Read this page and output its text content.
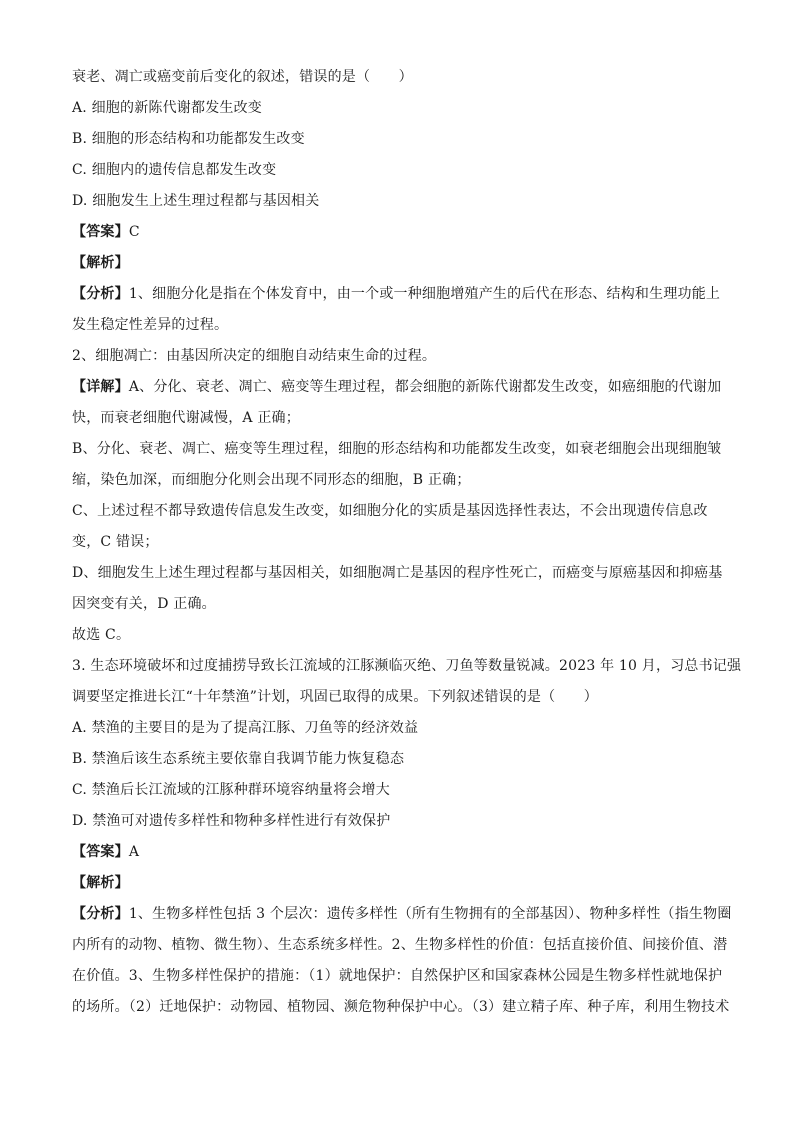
衰老、凋亡或癌变前后变化的叙述，错误的是（　　）
A. 细胞的新陈代谢都发生改变
B. 细胞的形态结构和功能都发生改变
C. 细胞内的遗传信息都发生改变
D. 细胞发生上述生理过程都与基因相关
【答案】C
【解析】
【分析】1、细胞分化是指在个体发育中，由一个或一种细胞增殖产生的后代在形态、结构和生理功能上
发生稳定性差异的过程。
2、细胞凋亡：由基因所决定的细胞自动结束生命的过程。
【详解】A、分化、衰老、凋亡、癌变等生理过程，都会细胞的新陈代谢都发生改变，如癌细胞的代谢加
快，而衰老细胞代谢减慢，A 正确；
B、分化、衰老、凋亡、癌变等生理过程，细胞的形态结构和功能都发生改变，如衰老细胞会出现细胞皱
缩，染色加深，而细胞分化则会出现不同形态的细胞，B 正确；
C、上述过程不都导致遗传信息发生改变，如细胞分化的实质是基因选择性表达，不会出现遗传信息改
变，C 错误；
D、细胞发生上述生理过程都与基因相关，如细胞凋亡是基因的程序性死亡，而癌变与原癌基因和抑癌基
因突变有关，D 正确。
故选 C。
3. 生态环境破坏和过度捕捞导致长江流域的江豚濒临灭绝、刀鱼等数量锐减。2023 年 10 月，习总书记强
调要坚定推进长江“十年禁渔”计划，巩固已取得的成果。下列叙述错误的是（　　）
A. 禁渔的主要目的是为了提高江豚、刀鱼等的经济效益
B. 禁渔后该生态系统主要依靠自我调节能力恢复稳态
C. 禁渔后长江流域的江豚种群环境容纳量将会增大
D. 禁渔可对遗传多样性和物种多样性进行有效保护
【答案】A
【解析】
【分析】1、生物多样性包括 3 个层次：遗传多样性（所有生物拥有的全部基因）、物种多样性（指生物圈
内所有的动物、植物、微生物）、生态系统多样性。2、生物多样性的价值：包括直接价值、间接价值、潜
在价值。3、生物多样性保护的措施：（1）就地保护：自然保护区和国家森林公园是生物多样性就地保护
的场所。（2）迁地保护：动物园、植物园、濒危物种保护中心。（3）建立精子库、种子库，利用生物技术
